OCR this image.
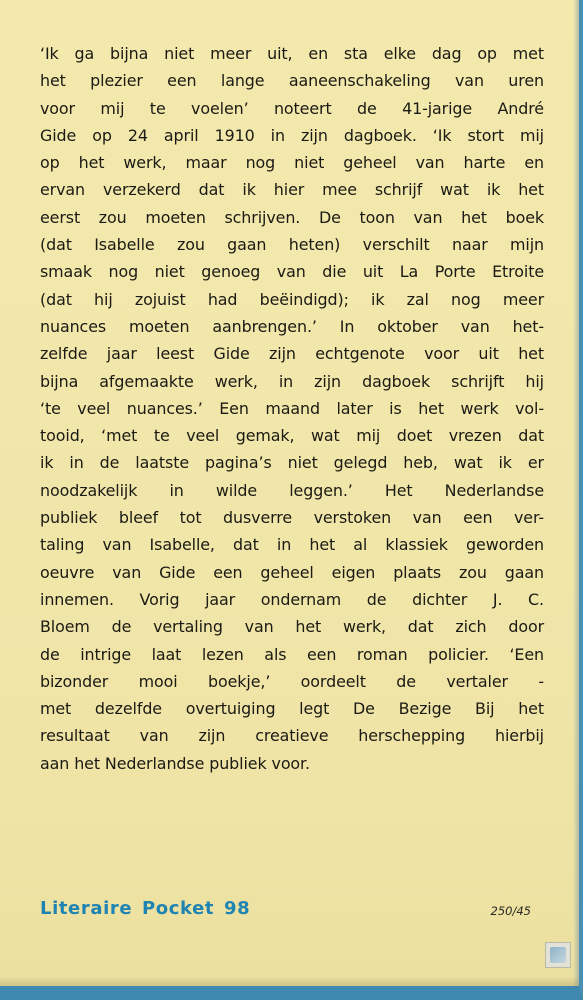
‘Ik ga bijna niet meer uit, en sta elke dag op met
het plezier een lange aaneenschakeling van uren
voor mij te voelen’ noteert de 41-jarige André
Gide op 24 april 1910 in zijn dagboek. ‘Ik stort mij
op het werk, maar nog niet geheel van harte en
ervan verzekerd dat ik hier mee schrijf wat ik het
eerst zou moeten schrijven. De toon van het boek
(dat Isabelle zou gaan heten) verschilt naar mijn
smaak nog niet genoeg van die uit La Porte Etroite
(dat hij zojuist had beëindigd); ik zal nog meer
nuances moeten aanbrengen.’ In oktober van het-
zelfde jaar leest Gide zijn echtgenote voor uit het
bijna afgemaakte werk, in zijn dagboek schrijft hij
‘te veel nuances.’ Een maand later is het werk vol-
tooid, ‘met te veel gemak, wat mij doet vrezen dat
ik in de laatste pagina’s niet gelegd heb, wat ik er
noodzakelijk in wilde leggen.’ Het Nederlandse
publiek bleef tot dusverre verstoken van een ver-
taling van Isabelle, dat in het al klassiek geworden
oeuvre van Gide een geheel eigen plaats zou gaan
innemen. Vorig jaar ondernam de dichter J. C.
Bloem de vertaling van het werk, dat zich door
de intrige laat lezen als een roman policier. ‘Een
bizonder mooi boekje,’ oordeelt de vertaler -
met dezelfde overtuiging legt De Bezige Bij het
resultaat van zijn creatieve herschepping hierbij
aan het Nederlandse publiek voor.
Literaire Pocket 98	250/45
